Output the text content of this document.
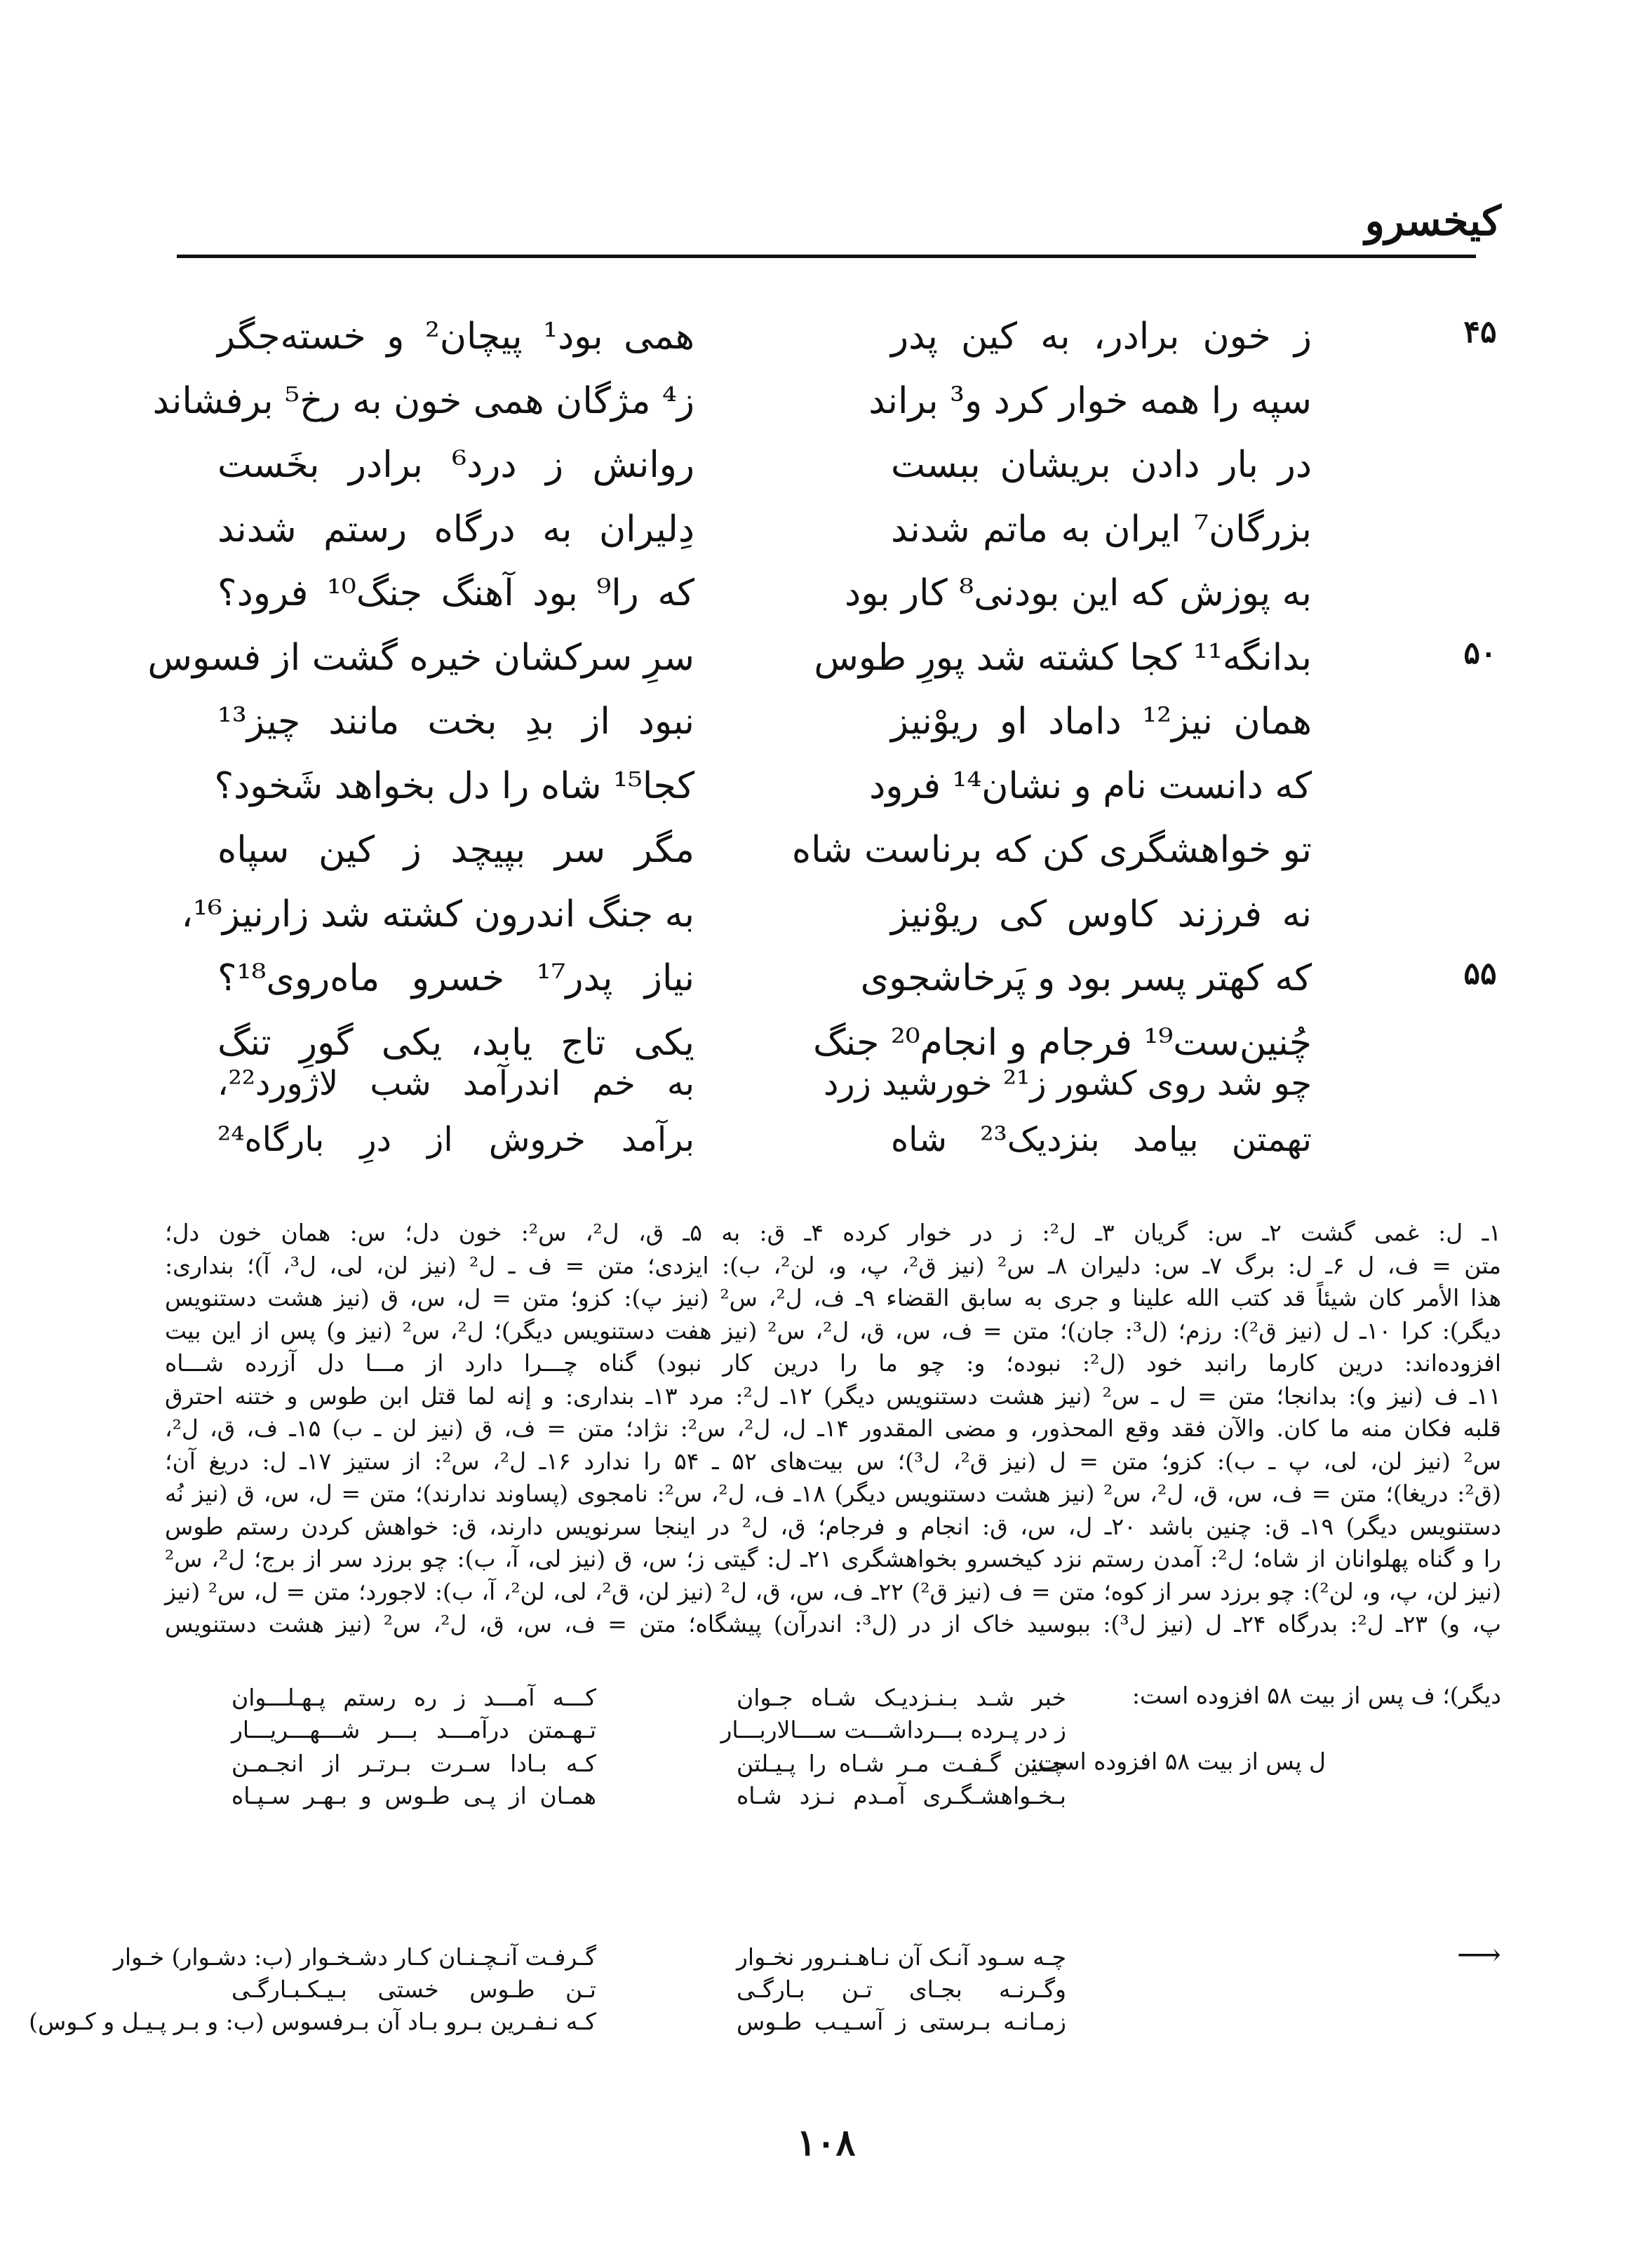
کیخسرو
۴۵
ز خون برادر، به کین پدر
همی بود¹ پیچان² و خسته‌جگر
سپه را همه خوار کرد و³ براند
ز⁴ مژگان همی خون به رخ⁵ برفشاند
در بار دادن بریشان ببست
روانش ز درد⁶ برادر بخَست
بزرگان⁷ ایران به ماتم شدند
دِلیران به درگاه رستم شدند
به پوزش که این بودنی⁸ کار بود
که را⁹ بود آهنگ جنگ¹⁰ فرود؟
۵۰
بدانگه¹¹ کجا کشته شد پورِ طوس
سرِ سرکشان خیره گشت از فسوس
همان نیز¹² داماد او ریوْنیز
نبود از بدِ بخت مانند چیز¹³
که دانست نام و نشان¹⁴ فرود
کجا¹⁵ شاه را دل بخواهد شَخود؟
تو خواهشگری کن که برناست شاه
مگر سر بپیچد ز کین سپاه
نه فرزند کاوس کی ریوْنیز
به جنگ اندرون کشته شد زارنیز¹⁶،
۵۵
که کهتر پسر بود و پَرخاشجوی
نیاز پدر¹⁷ خسرو ماه‌روی¹⁸؟
چُنین‌ست¹⁹ فرجام و انجام²⁰ جنگ
یکی تاج یابد، یکی گورِ تنگ
چو شد روی کشور ز²¹ خورشید زرد
به خم اندرآمد شب لاژورد²²،
تهمتن بیامد بنزدیک²³ شاه
برآمد خروش از درِ بارگاه²⁴
۱ـ ل: غمی گشت ۲ـ س: گریان ۳ـ ل²: ز در خوار کرده ۴ـ ق: به ۵ـ ق، ل²، س²: خون دل؛ س: همان خون دل؛
متن = ف، ل ۶ـ ل: برگ ۷ـ س: دلیران ۸ـ س² (نیز ق²، پ، و، لن²، ب): ایزدی؛ متن = ف ـ ل² (نیز لن، لی، ل³، آ)؛ بنداری:
هذا الأمر کان شیئاً قد کتب الله علینا و جری به سابق القضاء ۹ـ ف، ل²، س² (نیز پ): کزو؛ متن = ل، س، ق (نیز هشت دستنویس
دیگر): کرا ۱۰ـ ل (نیز ق²): رزم؛ (ل³: جان)؛ متن = ف، س، ق، ل²، س² (نیز هفت دستنویس دیگر)؛ ل²، س² (نیز و) پس از این بیت
افزوده‌اند: درین کارما رانبد خود (ل²: نبوده؛ و: چو ما را درین کار نبود) گناه چـــرا دارد از مـــا دل آزرده شـــاه
۱۱ـ ف (نیز و): بدانجا؛ متن = ل ـ س² (نیز هشت دستنویس دیگر) ۱۲ـ ل²: مرد ۱۳ـ بنداری: و إنه لما قتل ابن طوس و ختنه احترق
قلبه فکان منه ما کان. والآن فقد وقع المحذور، و مضی المقدور ۱۴ـ ل، ل²، س²: نژاد؛ متن = ف، ق (نیز لن ـ ب) ۱۵ـ ف، ق، ل²،
س² (نیز لن، لی، پ ـ ب): کزو؛ متن = ل (نیز ق²، ل³)؛ س بیت‌های ۵۲ ـ ۵۴ را ندارد ۱۶ـ ل²، س²: از ستیز ۱۷ـ ل: دریغ آن؛
(ق²: دریغا)؛ متن = ف، س، ق، ل²، س² (نیز هشت دستنویس دیگر) ۱۸ـ ف، ل²، س²: نامجوی (پساوند ندارند)؛ متن = ل، س، ق (نیز نُه
دستنویس دیگر) ۱۹ـ ق: چنین باشد ۲۰ـ ل، س، ق: انجام و فرجام؛ ق، ل² در اینجا سرنویس دارند، ق: خواهش کردن رستم طوس
را و گناه پهلوانان از شاه؛ ل²: آمدن رستم نزد کیخسرو بخواهشگری ۲۱ـ ل: گیتی ز؛ س، ق (نیز لی، آ، ب): چو برزد سر از برج؛ ل²، س²
(نیز لن، پ، و، لن²): چو برزد سر از کوه؛ متن = ف (نیز ق²) ۲۲ـ ف، س، ق، ل² (نیز لن، ق²، لی، لن²، آ، ب): لاجورد؛ متن = ل، س² (نیز
پ، و) ۲۳ـ ل²: بدرگاه ۲۴ـ ل (نیز ل³): ببوسید خاک از در (ل³: اندرآن) پیشگاه؛ متن = ف، س، ق، ل²، س² (نیز هشت دستنویس
دیگر)؛ ف پس از بیت ۵۸ افزوده است:
خبر شـد بـنـزدیـک شـاه جـوان
کـــه آمـــد ز ره رستم پـهـلـــوان
ز در پـرده بـــرداشـــت ســـالاربـــار
تـهـمتن درآمـــد بـــر شـــهـــریـــار
ل پس از بیت ۵۸ افزوده است:
چـنین گـفـت مـر شـاه را پـیـلتن
کـه بـادا سـرت بـرتـر از انجـمـن
بـخـواهشـگـری آمـدم نـزد شـاه
همـان از پـی طـوس و بـهـر سـپـاه
⟶
چـه سـود آنـک آن نـاهـنـرور نخـوار
گـرفـت آنـچـنـان کـار دشـخـوار (ب: دشـوار) خـوار
وگـرنـه بجـای تـن بـارگـی
تـن طـوس خستی بـیـکـبـارگـی
زمـانـه بـرستی ز آسـیـب طـوس
کـه نـفـرین بـرو بـاد آن بـرفسوس (ب: و بـر پـیـل و کـوس)
۱۰۸
